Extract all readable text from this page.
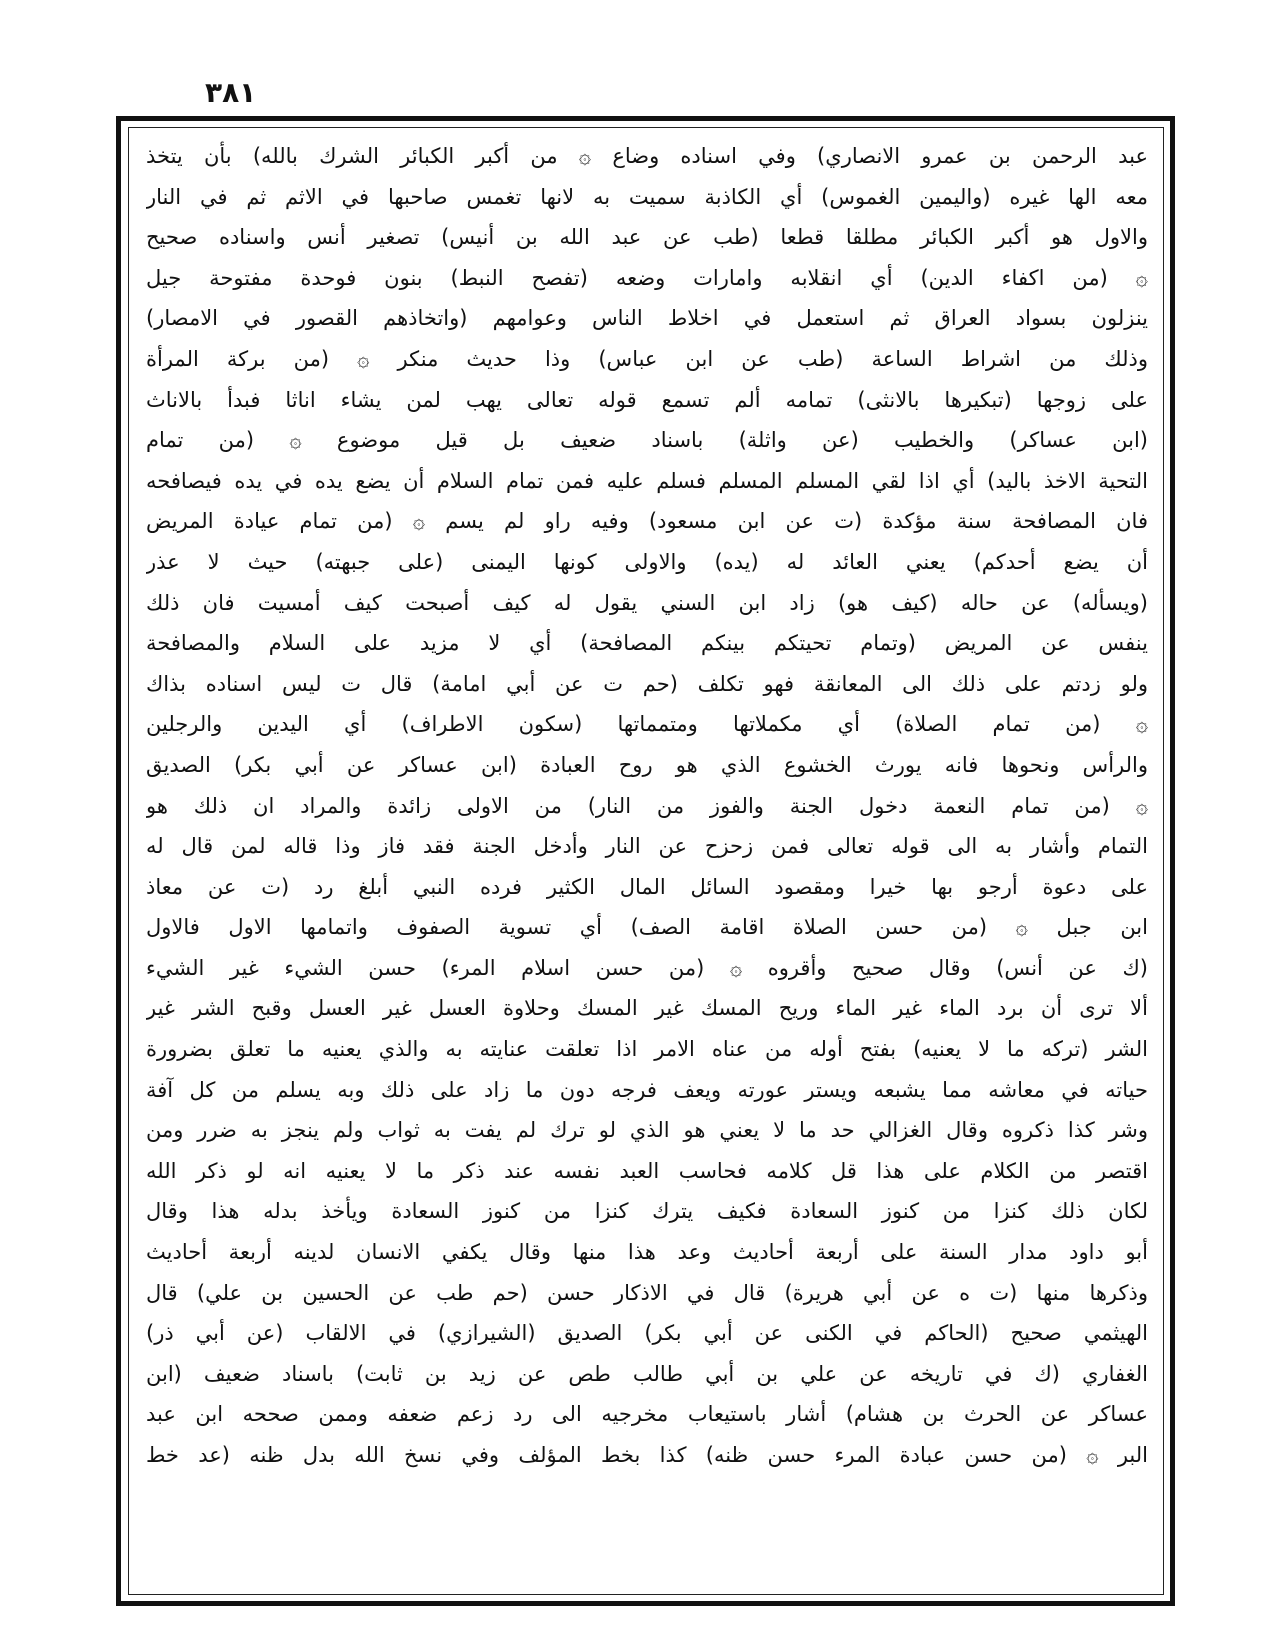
٣٨١
عبد الرحمن بن عمرو الانصاري) وفي اسناده وضاع ۞ من أكبر الكبائر الشرك بالله) بأن يتخذ
معه الها غيره (واليمين الغموس) أي الكاذبة سميت به لانها تغمس صاحبها في الاثم ثم في النار
والاول هو أكبر الكبائر مطلقا قطعا (طب عن عبد الله بن أنيس) تصغير أنس واسناده صحيح
۞ (من اكفاء الدين) أي انقلابه وامارات وضعه (تفصح النبط) بنون فوحدة مفتوحة جيل
ينزلون بسواد العراق ثم استعمل في اخلاط الناس وعوامهم (واتخاذهم القصور في الامصار)
وذلك من اشراط الساعة (طب عن ابن عباس) وذا حديث منكر ۞ (من بركة المرأة
على زوجها (تبكيرها بالانثى) تمامه ألم تسمع قوله تعالى يهب لمن يشاء اناثا فبدأ بالاناث
(ابن عساكر) والخطيب (عن واثلة) باسناد ضعيف بل قيل موضوع ۞ (من تمام
التحية الاخذ باليد) أي اذا لقي المسلم المسلم فسلم عليه فمن تمام السلام أن يضع يده في يده فيصافحه
فان المصافحة سنة مؤكدة (ت عن ابن مسعود) وفيه راو لم يسم ۞ (من تمام عيادة المريض
أن يضع أحدكم) يعني العائد له (يده) والاولى كونها اليمنى (على جبهته) حيث لا عذر
(ويسأله) عن حاله (كيف هو) زاد ابن السني يقول له كيف أصبحت كيف أمسيت فان ذلك
ينفس عن المريض (وتمام تحيتكم بينكم المصافحة) أي لا مزيد على السلام والمصافحة
ولو زدتم على ذلك الى المعانقة فهو تكلف (حم ت عن أبي امامة) قال ت ليس اسناده بذاك
۞ (من تمام الصلاة) أي مكملاتها ومتمماتها (سكون الاطراف) أي اليدين والرجلين
والرأس ونحوها فانه يورث الخشوع الذي هو روح العبادة (ابن عساكر عن أبي بكر) الصديق
۞ (من تمام النعمة دخول الجنة والفوز من النار) من الاولى زائدة والمراد ان ذلك هو
التمام وأشار به الى قوله تعالى فمن زحزح عن النار وأدخل الجنة فقد فاز وذا قاله لمن قال له
على دعوة أرجو بها خيرا ومقصود السائل المال الكثير فرده النبي أبلغ رد (ت عن معاذ
ابن جبل ۞ (من حسن الصلاة اقامة الصف) أي تسوية الصفوف واتمامها الاول فالاول
(ك عن أنس) وقال صحيح وأقروه ۞ (من حسن اسلام المرء) حسن الشيء غير الشيء
ألا ترى أن برد الماء غير الماء وريح المسك غير المسك وحلاوة العسل غير العسل وقبح الشر غير
الشر (تركه ما لا يعنيه) بفتح أوله من عناه الامر اذا تعلقت عنايته به والذي يعنيه ما تعلق بضرورة
حياته في معاشه مما يشبعه ويستر عورته ويعف فرجه دون ما زاد على ذلك وبه يسلم من كل آفة
وشر كذا ذكروه وقال الغزالي حد ما لا يعني هو الذي لو ترك لم يفت به ثواب ولم ينجز به ضرر ومن
اقتصر من الكلام على هذا قل كلامه فحاسب العبد نفسه عند ذكر ما لا يعنيه انه لو ذكر الله
لكان ذلك كنزا من كنوز السعادة فكيف يترك كنزا من كنوز السعادة ويأخذ بدله هذا وقال
أبو داود مدار السنة على أربعة أحاديث وعد هذا منها وقال يكفي الانسان لدينه أربعة أحاديث
وذكرها منها (ت ه عن أبي هريرة) قال في الاذكار حسن (حم طب عن الحسين بن علي) قال
الهيثمي صحيح (الحاكم في الكنى عن أبي بكر) الصديق (الشيرازي) في الالقاب (عن أبي ذر)
الغفاري (ك في تاريخه عن علي بن أبي طالب طص عن زيد بن ثابت) باسناد ضعيف (ابن
عساكر عن الحرث بن هشام) أشار باستيعاب مخرجيه الى رد زعم ضعفه وممن صححه ابن عبد
البر ۞ (من حسن عبادة المرء حسن ظنه) كذا بخط المؤلف وفي نسخ الله بدل ظنه (عد خط
